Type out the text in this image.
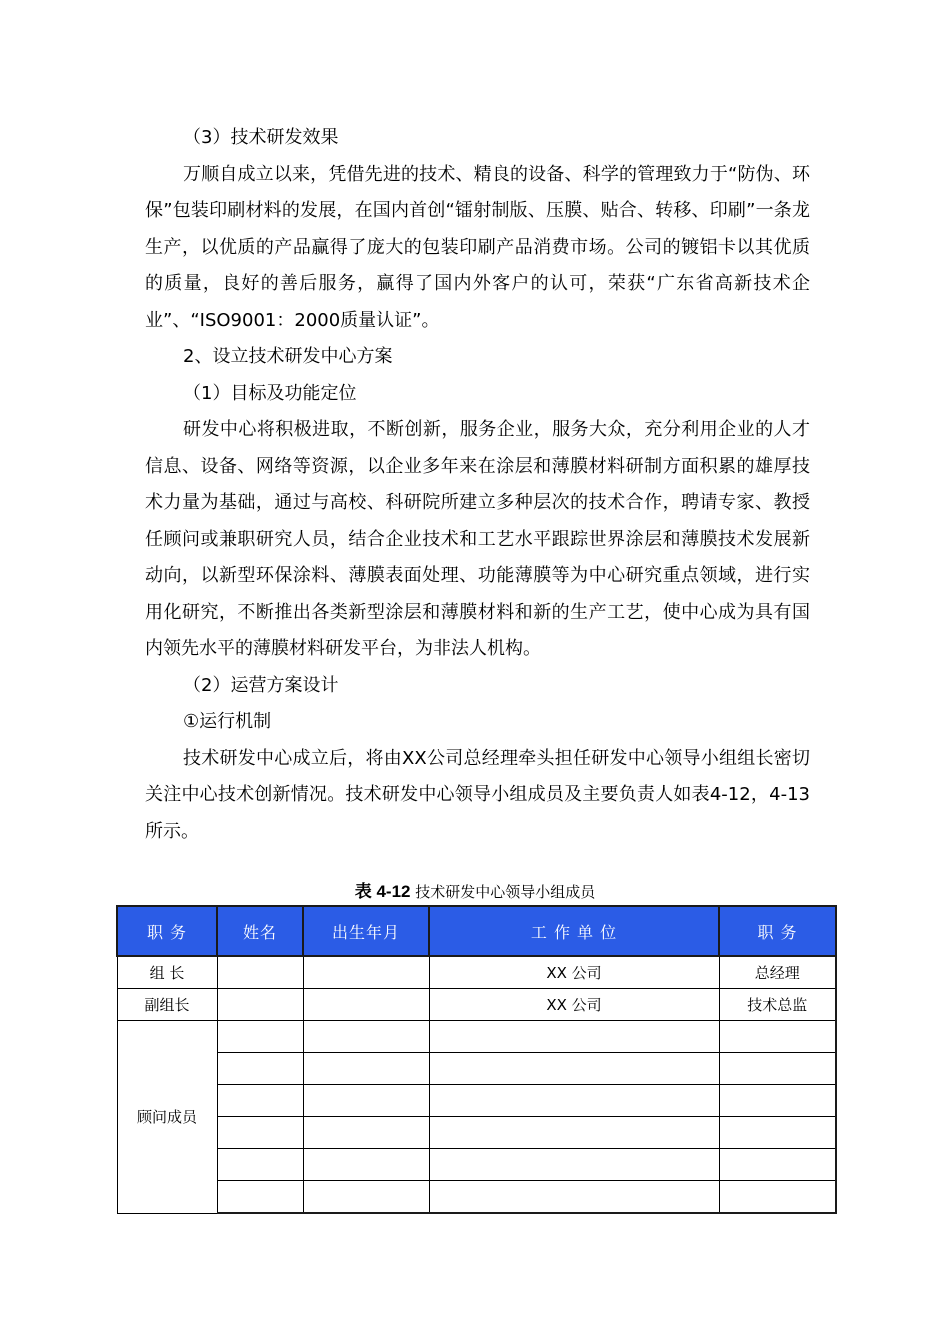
（3）技术研发效果

万顺自成立以来，凭借先进的技术、精良的设备、科学的管理致力于“防伪、环保”包装印刷材料的发展，在国内首创“镭射制版、压膜、贴合、转移、印刷”一条龙生产，以优质的产品赢得了庞大的包装印刷产品消费市场。公司的镀铝卡以其优质的质量，良好的善后服务，赢得了国内外客户的认可，荣获“广东省高新技术企业”、“ISO9001：2000质量认证”。

2、设立技术研发中心方案

（1）目标及功能定位

研发中心将积极进取，不断创新，服务企业，服务大众，充分利用企业的人才信息、设备、网络等资源，以企业多年来在涂层和薄膜材料研制方面积累的雄厚技术力量为基础，通过与高校、科研院所建立多种层次的技术合作，聘请专家、教授任顾问或兼职研究人员，结合企业技术和工艺水平跟踪世界涂层和薄膜技术发展新动向，以新型环保涂料、薄膜表面处理、功能薄膜等为中心研究重点领域，进行实用化研究，不断推出各类新型涂层和薄膜材料和新的生产工艺，使中心成为具有国内领先水平的薄膜材料研发平台，为非法人机构。

（2）运营方案设计

①运行机制

技术研发中心成立后，将由XX公司总经理牵头担任研发中心领导小组组长密切关注中心技术创新情况。技术研发中心领导小组成员及主要负责人如表4-12，4-13所示。

表 4-12 技术研发中心领导小组成员
职 务	姓名	出生年月	工 作 单 位	职 务
组 长			XX 公司	总经理
副组长			XX 公司	技术总监
顾问成员				
